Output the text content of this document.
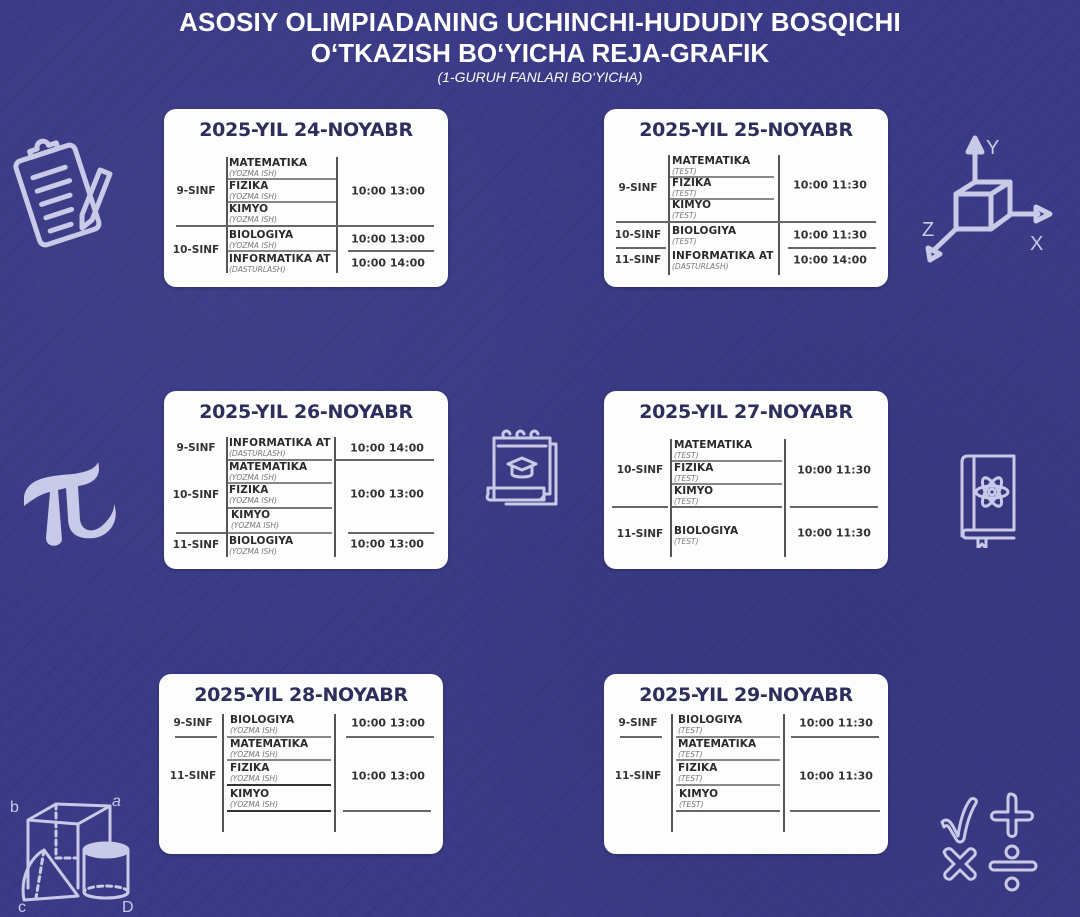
ASOSIY OLIMPIADANING UCHINCHI-HUDUDIY BOSQICHI
O‘TKAZISH BO‘YICHA REJA-GRAFIK
(1-GURUH FANLARI BO‘YICHA)
2025-YIL 24-NOYABR
9-SINF
10-SINF
MATEMATIKA
(YOZMA ISH)
FIZIKA
(YOZMA ISH)
KIMYO
(YOZMA ISH)
BIOLOGIYA
(YOZMA ISH)
INFORMATIKA AT
(DASTURLASH)
10:00 13:00
10:00 13:00
10:00 14:00
2025-YIL 25-NOYABR
9-SINF
10-SINF
11-SINF
MATEMATIKA
(TEST)
FIZIKA
(TEST)
KIMYO
(TEST)
BIOLOGIYA
(TEST)
INFORMATIKA AT
(DASTURLASH)
10:00 11:30
10:00 11:30
10:00 14:00
2025-YIL 26-NOYABR
9-SINF
10-SINF
11-SINF
INFORMATIKA AT
(DASTURLASH)
MATEMATIKA
(YOZMA ISH)
FIZIKA
(YOZMA ISH)
KIMYO
(YOZMA ISH)
BIOLOGIYA
(YOZMA ISH)
10:00 14:00
10:00 13:00
10:00 13:00
2025-YIL 27-NOYABR
10-SINF
11-SINF
MATEMATIKA
(TEST)
FIZIKA
(TEST)
KIMYO
(TEST)
BIOLOGIYA
(TEST)
10:00 11:30
10:00 11:30
2025-YIL 28-NOYABR
9-SINF
11-SINF
BIOLOGIYA
(YOZMA ISH)
MATEMATIKA
(YOZMA ISH)
FIZIKA
(YOZMA ISH)
KIMYO
(YOZMA ISH)
10:00 13:00
10:00 13:00
2025-YIL 29-NOYABR
9-SINF
11-SINF
BIOLOGIYA
(TEST)
MATEMATIKA
(TEST)
FIZIKA
(TEST)
KIMYO
(TEST)
10:00 11:30
10:00 11:30
Y
X
Z
b	a
c	D
